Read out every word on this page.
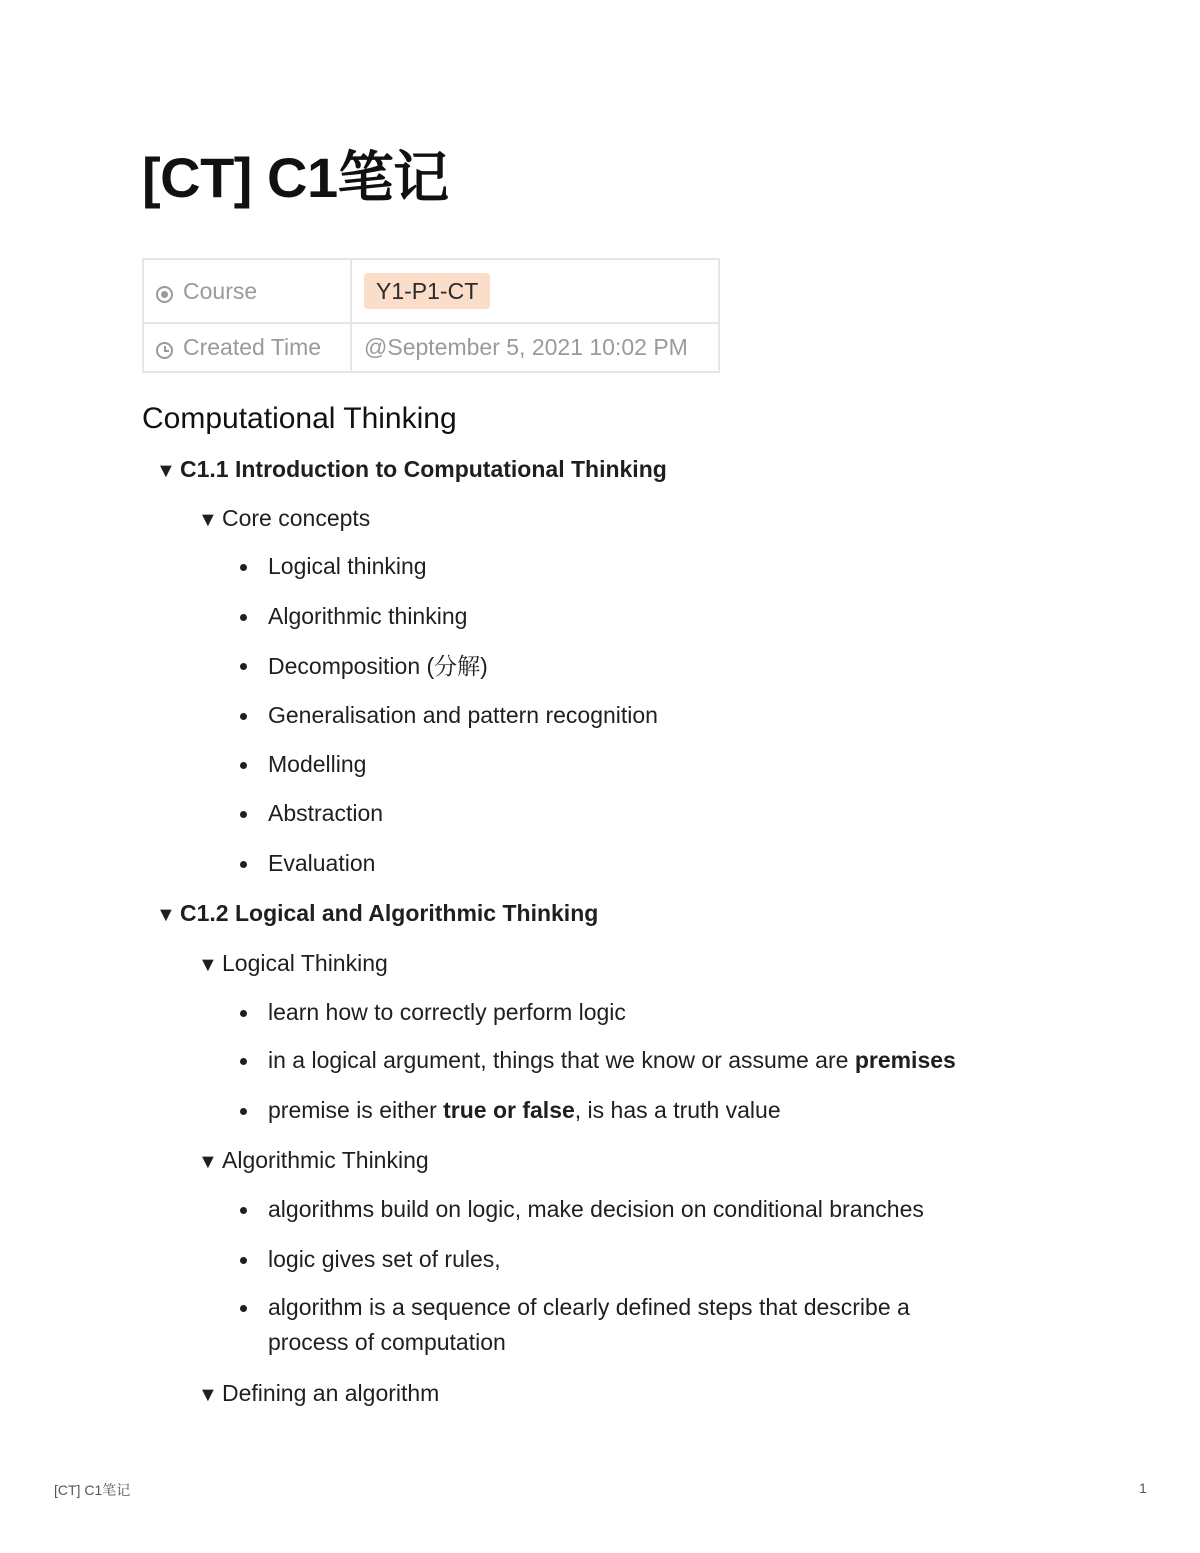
[CT] C1笔记
Course	Y1-P1-CT
Created Time	@September 5, 2021 10:02 PM
Computational Thinking
▼ C1.1 Introduction to Computational Thinking
▼ Core concepts
Logical thinking
Algorithmic thinking
Decomposition (分解)
Generalisation and pattern recognition
Modelling
Abstraction
Evaluation
▼ C1.2 Logical and Algorithmic Thinking
▼ Logical Thinking
learn how to correctly perform logic
in a logical argument, things that we know or assume are premises
premise is either true or false, is has a truth value
▼ Algorithmic Thinking
algorithms build on logic, make decision on conditional branches
logic gives set of rules,
algorithm is a sequence of clearly defined steps that describe a
process of computation
▼ Defining an algorithm
[CT] C1笔记	1
